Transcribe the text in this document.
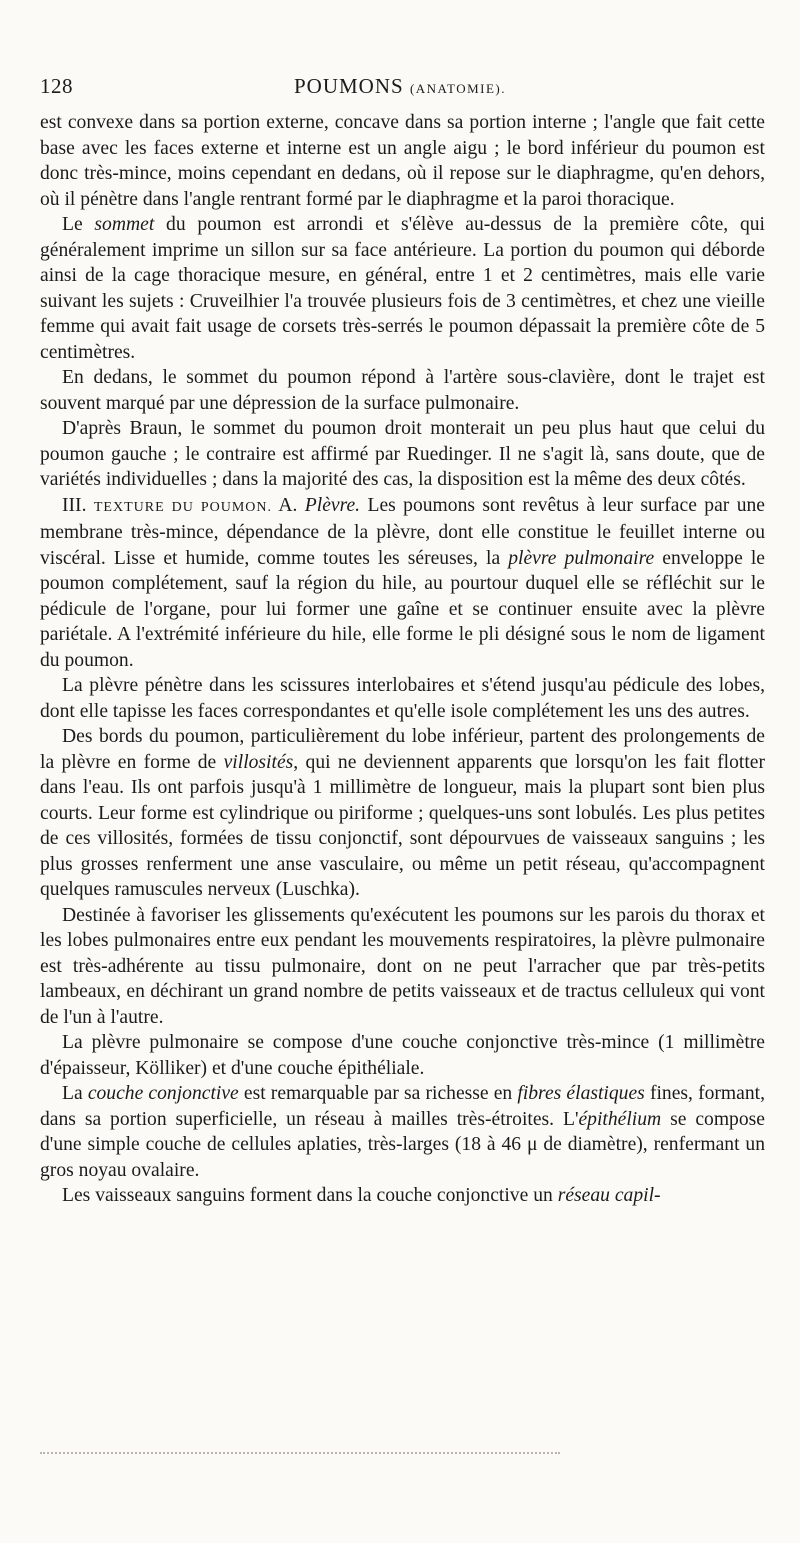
128	POUMONS (ANATOMIE).

est convexe dans sa portion externe, concave dans sa portion interne ; l'angle que fait cette base avec les faces externe et interne est un angle aigu ; le bord inférieur du poumon est donc très-mince, moins cependant en dedans, où il repose sur le diaphragme, qu'en dehors, où il pénètre dans l'angle rentrant formé par le diaphragme et la paroi thoracique.

Le sommet du poumon est arrondi et s'élève au-dessus de la première côte, qui généralement imprime un sillon sur sa face antérieure. La portion du poumon qui déborde ainsi de la cage thoracique mesure, en général, entre 1 et 2 centimètres, mais elle varie suivant les sujets : Cruveilhier l'a trouvée plusieurs fois de 3 centimètres, et chez une vieille femme qui avait fait usage de corsets très-serrés le poumon dépassait la première côte de 5 centimètres.

En dedans, le sommet du poumon répond à l'artère sous-clavière, dont le trajet est souvent marqué par une dépression de la surface pulmonaire.

D'après Braun, le sommet du poumon droit monterait un peu plus haut que celui du poumon gauche ; le contraire est affirmé par Ruedinger. Il ne s'agit là, sans doute, que de variétés individuelles ; dans la majorité des cas, la disposition est la même des deux côtés.

III. TEXTURE DU POUMON. A. Plèvre. Les poumons sont revêtus à leur surface par une membrane très-mince, dépendance de la plèvre, dont elle constitue le feuillet interne ou viscéral. Lisse et humide, comme toutes les séreuses, la plèvre pulmonaire enveloppe le poumon complétement, sauf la région du hile, au pourtour duquel elle se réfléchit sur le pédicule de l'organe, pour lui former une gaîne et se continuer ensuite avec la plèvre pariétale. A l'extrémité inférieure du hile, elle forme le pli désigné sous le nom de ligament du poumon.

La plèvre pénètre dans les scissures interlobaires et s'étend jusqu'au pédicule des lobes, dont elle tapisse les faces correspondantes et qu'elle isole complétement les uns des autres.

Des bords du poumon, particulièrement du lobe inférieur, partent des prolongements de la plèvre en forme de villosités, qui ne deviennent apparents que lorsqu'on les fait flotter dans l'eau. Ils ont parfois jusqu'à 1 millimètre de longueur, mais la plupart sont bien plus courts. Leur forme est cylindrique ou piriforme ; quelques-uns sont lobulés. Les plus petites de ces villosités, formées de tissu conjonctif, sont dépourvues de vaisseaux sanguins ; les plus grosses renferment une anse vasculaire, ou même un petit réseau, qu'accompagnent quelques ramuscules nerveux (Luschka).

Destinée à favoriser les glissements qu'exécutent les poumons sur les parois du thorax et les lobes pulmonaires entre eux pendant les mouvements respiratoires, la plèvre pulmonaire est très-adhérente au tissu pulmonaire, dont on ne peut l'arracher que par très-petits lambeaux, en déchirant un grand nombre de petits vaisseaux et de tractus celluleux qui vont de l'un à l'autre.

La plèvre pulmonaire se compose d'une couche conjonctive très-mince (1 millimètre d'épaisseur, Kölliker) et d'une couche épithéliale.

La couche conjonctive est remarquable par sa richesse en fibres élastiques fines, formant, dans sa portion superficielle, un réseau à mailles très-étroites. L'épithélium se compose d'une simple couche de cellules aplaties, très-larges (18 à 46 μ de diamètre), renfermant un gros noyau ovalaire.

Les vaisseaux sanguins forment dans la couche conjonctive un réseau capil-
